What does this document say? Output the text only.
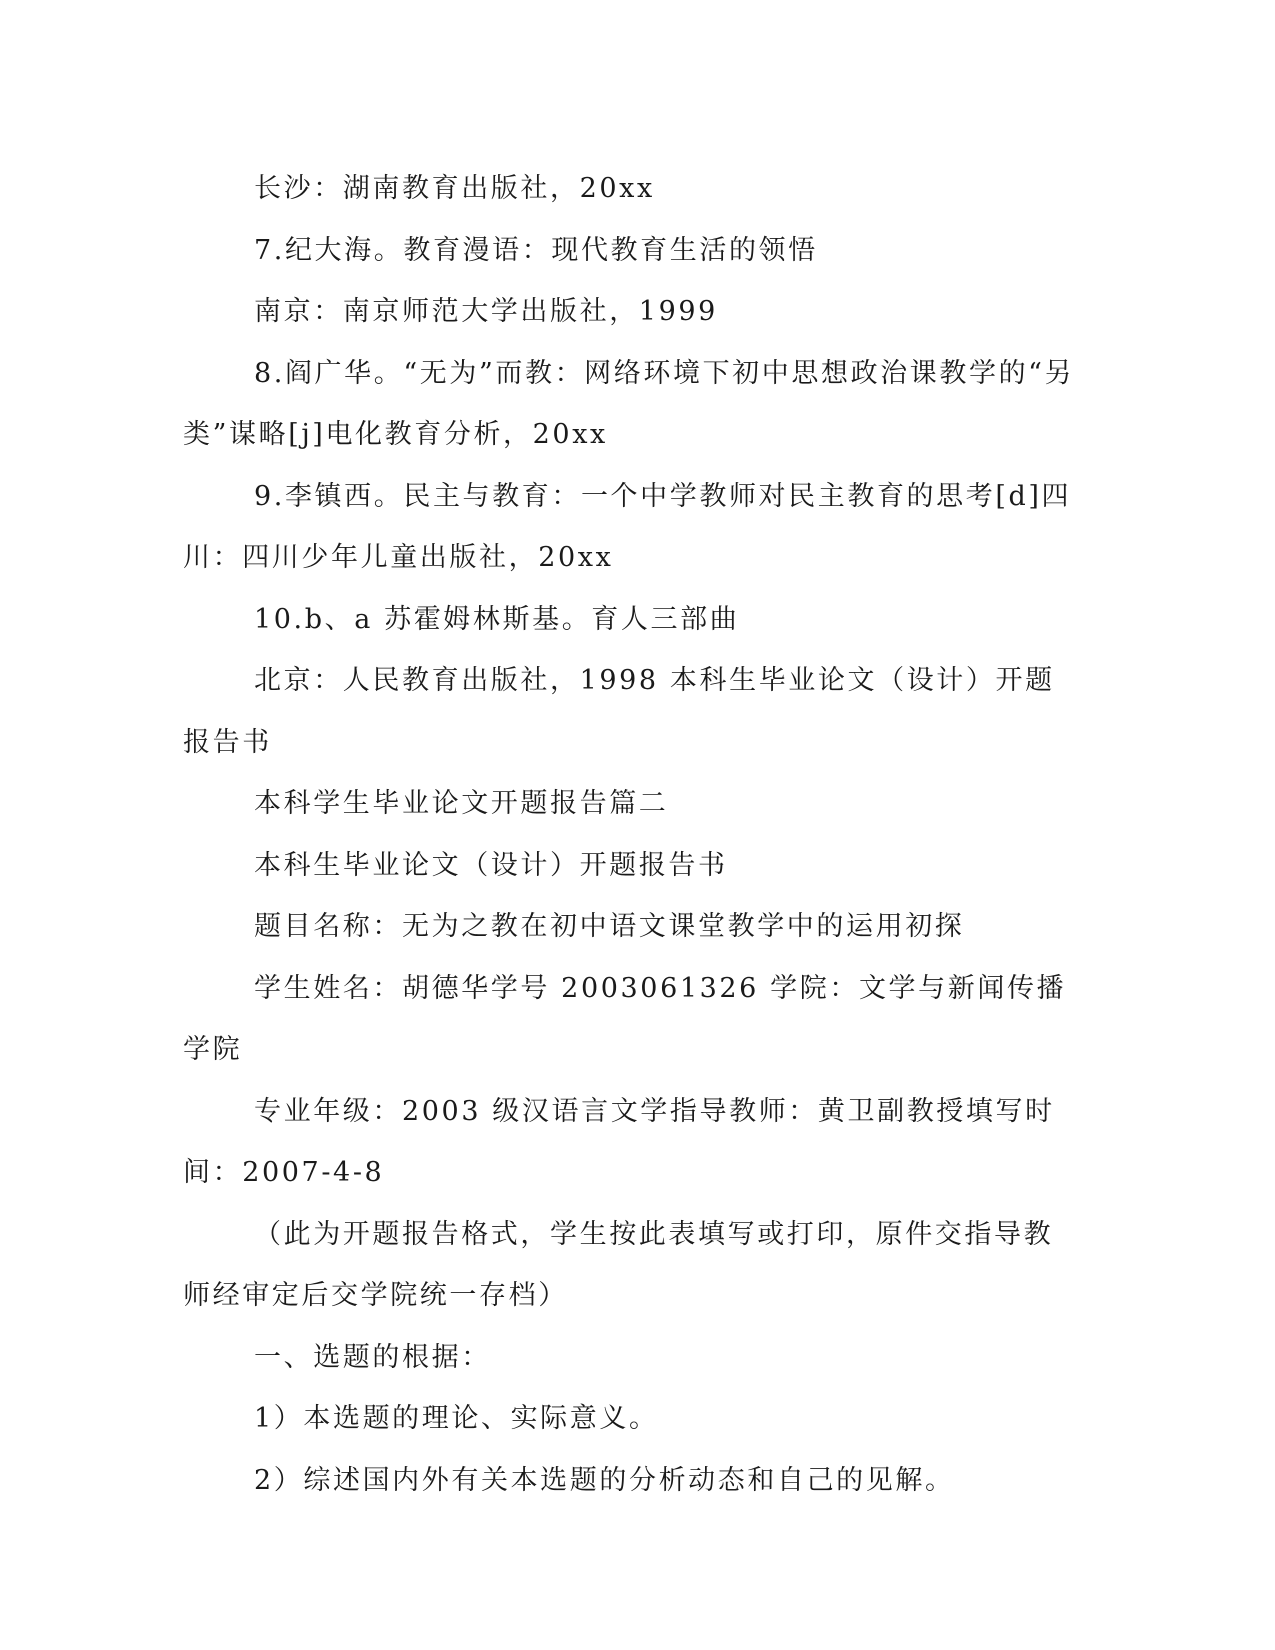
长沙：湖南教育出版社，20xx

7.纪大海。教育漫语：现代教育生活的领悟

南京：南京师范大学出版社，1999

8.阎广华。“无为”而教：网络环境下初中思想政治课教学的“另类”谋略[j]电化教育分析，20xx

9.李镇西。民主与教育：一个中学教师对民主教育的思考[d]四川：四川少年儿童出版社，20xx

10.b、a 苏霍姆林斯基。育人三部曲

北京：人民教育出版社，1998 本科生毕业论文（设计）开题报告书

本科学生毕业论文开题报告篇二

本科生毕业论文（设计）开题报告书

题目名称：无为之教在初中语文课堂教学中的运用初探

学生姓名：胡德华学号 2003061326 学院：文学与新闻传播学院

专业年级：2003 级汉语言文学指导教师：黄卫副教授填写时间：2007-4-8

（此为开题报告格式，学生按此表填写或打印，原件交指导教师经审定后交学院统一存档）

一、选题的根据：

1）本选题的理论、实际意义。

2）综述国内外有关本选题的分析动态和自己的见解。
